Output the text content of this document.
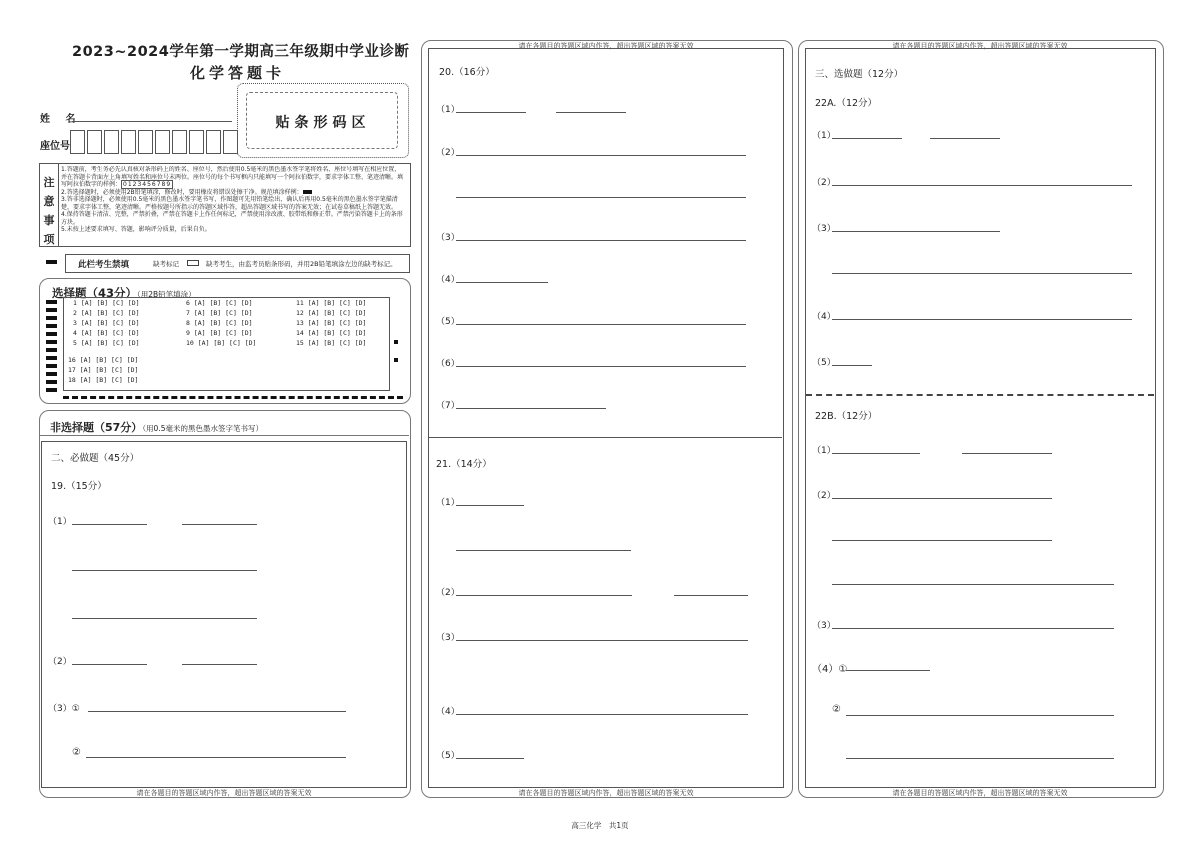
2023~2024学年第一学期高三年级期中学业诊断
化学答题卡
姓 名
座位号
贴条形码区
注
意
事
项
1.答题前，考生务必先认真核对条形码上的姓名、座位号，然后使用0.5毫米的黑色墨水签字笔将姓名、座位号填写在相应位置，并在答题卡背面左上角填写姓名和座位号末两位。座位号的每个书写框内只能填写一个阿拉伯数字，要求字体工整、笔迹清晰。填写阿拉伯数字的样例： 0123456789
2.答选择题时，必须使用2B铅笔填涂，修改时，要用橡皮将错误处擦干净。规范填涂样例：
3.答非选择题时，必须使用0.5毫米的黑色墨水签字笔书写，作图题可先用铅笔绘出，确认后再用0.5毫米的黑色墨水签字笔描清楚，要求字体工整，笔迹清晰。严格按题号所指示的答题区域作答，超出答题区域书写的答案无效；在试卷草稿纸上答题无效。
4.保持答题卡清洁、完整，严禁折叠，严禁在答题卡上作任何标记，严禁使用涂改液、胶带纸和修正带。严禁污染答题卡上的条形方块。
5.未按上述要求填写、答题，影响评分质量，后果自负。
此栏考生禁填	缺考标记	缺考考生，由监考员贴条形码，并用2B铅笔填涂左边的缺考标记。
选择题（43分）（用2B铅笔填涂）
1 [A] [B] [C] [D]	6 [A] [B] [C] [D]	11 [A] [B] [C] [D]
2 [A] [B] [C] [D]	7 [A] [B] [C] [D]	12 [A] [B] [C] [D]
3 [A] [B] [C] [D]	8 [A] [B] [C] [D]	13 [A] [B] [C] [D]
4 [A] [B] [C] [D]	9 [A] [B] [C] [D]	14 [A] [B] [C] [D]
5 [A] [B] [C] [D]	10 [A] [B] [C] [D]	15 [A] [B] [C] [D]
16 [A] [B] [C] [D]
17 [A] [B] [C] [D]
18 [A] [B] [C] [D]
非选择题（57分）（用0.5毫米的黑色墨水签字笔书写）
二、必做题（45分）
19.（15分）
（1）
（2）
（3）①
②
请在各题目的答题区域内作答，超出答题区域的答案无效
请在各题目的答题区域内作答，超出答题区域的答案无效
20.（16分）
（1）
（2）
（3）
（4）
（5）
（6）
（7）
21.（14分）
（1）
（2）
（3）
（4）
（5）
请在各题目的答题区域内作答，超出答题区域的答案无效
请在各题目的答题区域内作答，超出答题区域的答案无效
三、选做题（12分）
22A.（12分）
（1）
（2）
（3）
（4）
（5）
22B.（12分）
（1）
（2）
（3）
（4）①
②
请在各题目的答题区域内作答，超出答题区域的答案无效
高三化学　共1页
